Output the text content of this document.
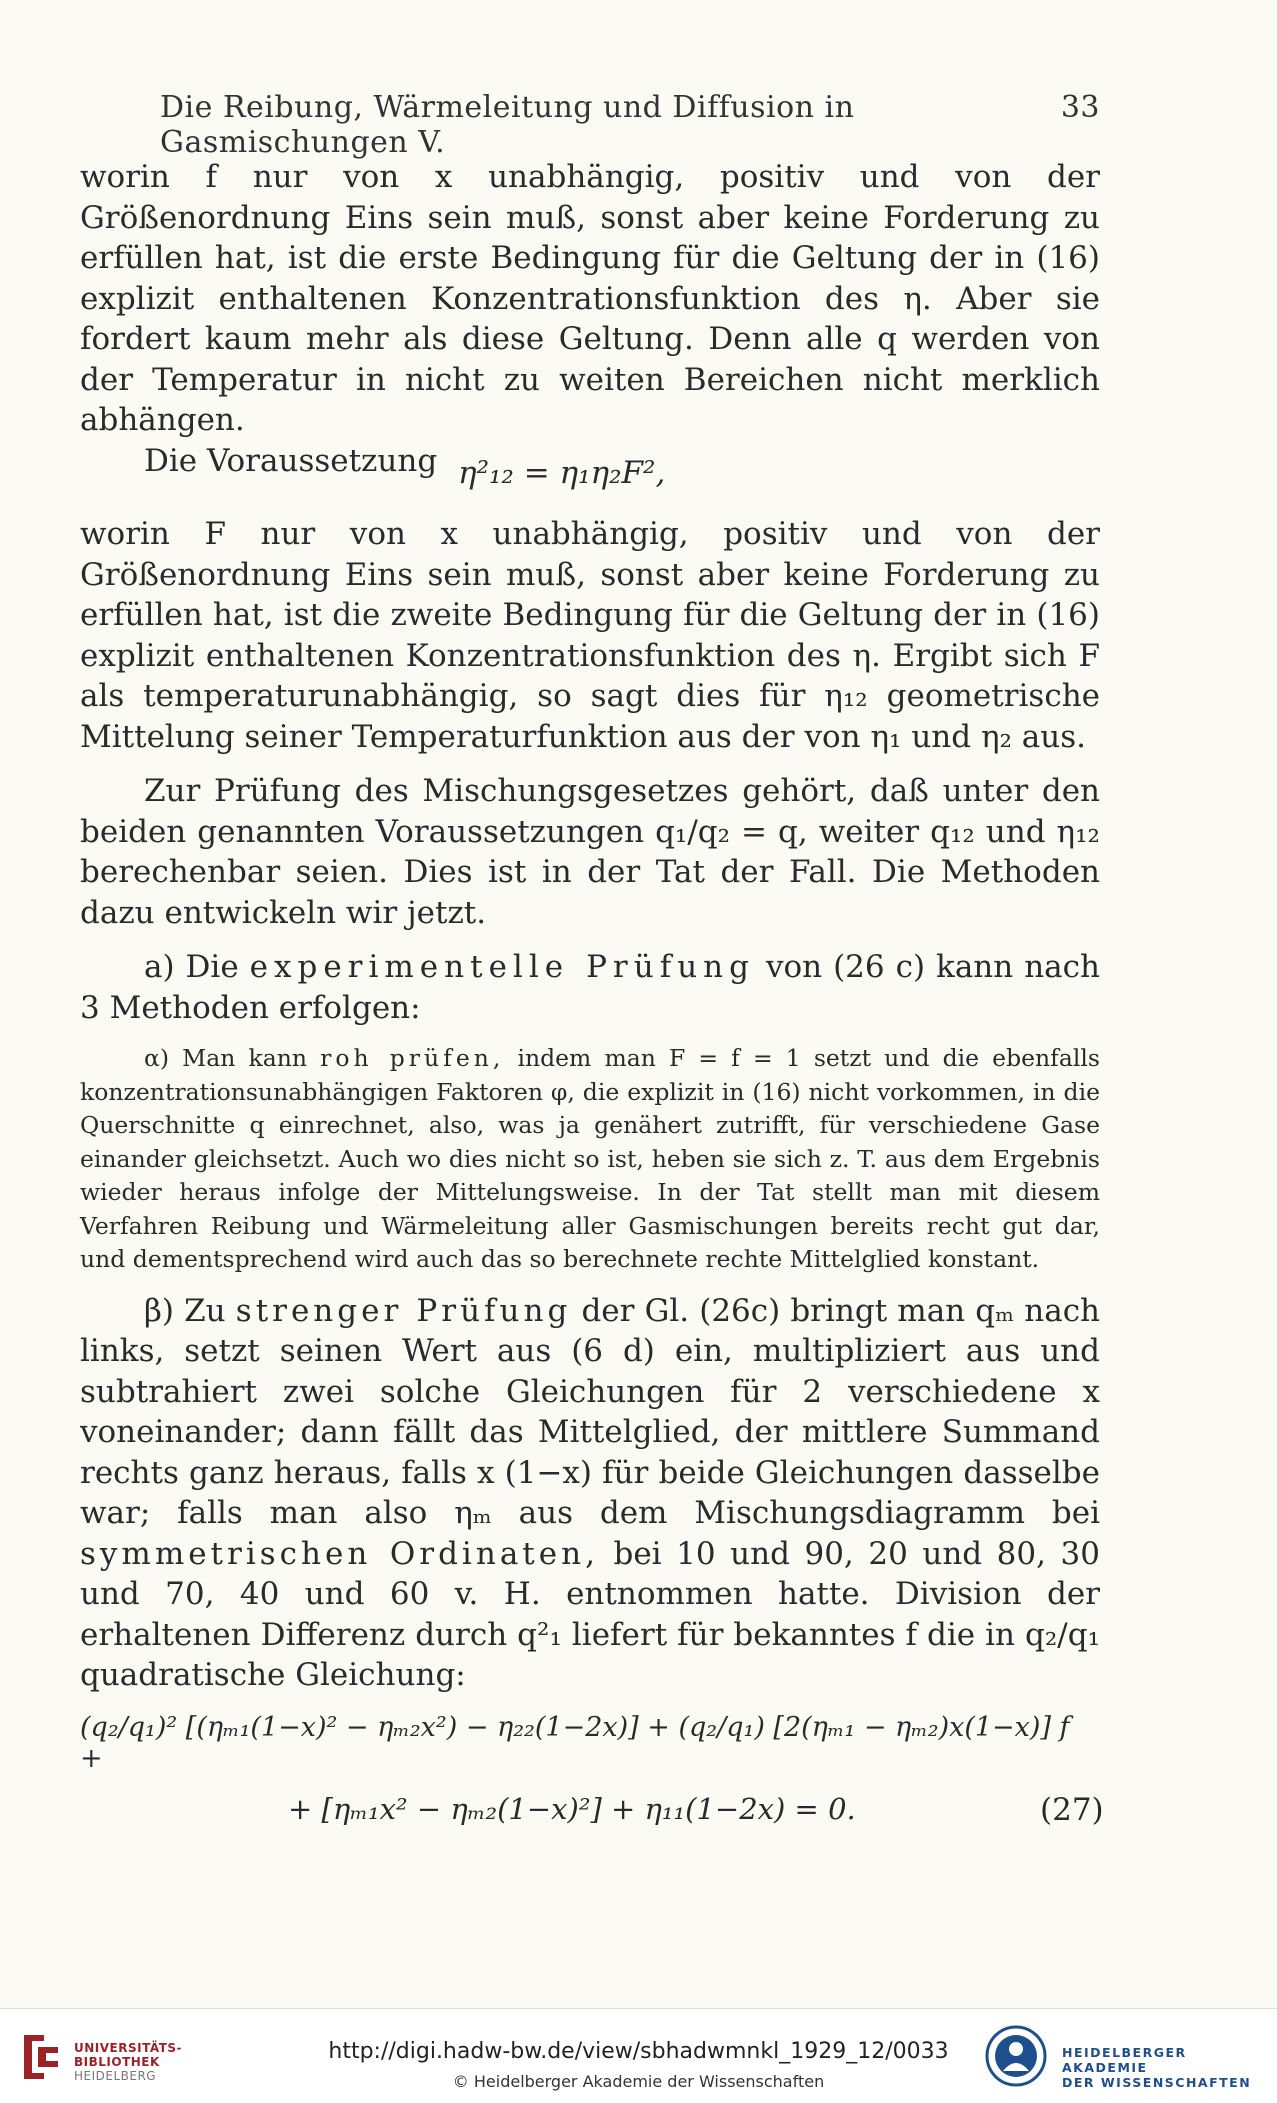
Die Reibung, Wärmeleitung und Diffusion in Gasmischungen V.
33

worin f nur von x unabhängig, positiv und von der Größenordnung Eins sein muß, sonst aber keine Forderung zu erfüllen hat, ist die erste Bedingung für die Geltung der in (16) explizit enthaltenen Konzentrationsfunktion des η. Aber sie fordert kaum mehr als diese Geltung. Denn alle q werden von der Temperatur in nicht zu weiten Bereichen nicht merklich abhängen.

Die Voraussetzung η²₁₂ = η₁η₂F²,

worin F nur von x unabhängig, positiv und von der Größenordnung Eins sein muß, sonst aber keine Forderung zu erfüllen hat, ist die zweite Bedingung für die Geltung der in (16) explizit enthaltenen Konzentrationsfunktion des η. Ergibt sich F als temperaturunabhängig, so sagt dies für η₁₂ geometrische Mittelung seiner Temperaturfunktion aus der von η₁ und η₂ aus.

Zur Prüfung des Mischungsgesetzes gehört, daß unter den beiden genannten Voraussetzungen q₁/q₂ = q, weiter q₁₂ und η₁₂ berechenbar seien. Dies ist in der Tat der Fall. Die Methoden dazu entwickeln wir jetzt.

a) Die experimentelle Prüfung von (26 c) kann nach 3 Methoden erfolgen:

α) Man kann roh prüfen, indem man F = f = 1 setzt und die ebenfalls konzentrationsunabhängigen Faktoren φ, die explizit in (16) nicht vorkommen, in die Querschnitte q einrechnet, also, was ja genähert zutrifft, für verschiedene Gase einander gleichsetzt. Auch wo dies nicht so ist, heben sie sich z. T. aus dem Ergebnis wieder heraus infolge der Mittelungsweise. In der Tat stellt man mit diesem Verfahren Reibung und Wärmeleitung aller Gasmischungen bereits recht gut dar, und dementsprechend wird auch das so berechnete rechte Mittelglied konstant.

β) Zu strenger Prüfung der Gl. (26c) bringt man qₘ nach links, setzt seinen Wert aus (6 d) ein, multipliziert aus und subtrahiert zwei solche Gleichungen für 2 verschiedene x voneinander; dann fällt das Mittelglied, der mittlere Summand rechts ganz heraus, falls x (1−x) für beide Gleichungen dasselbe war; falls man also ηₘ aus dem Mischungsdiagramm bei symmetrischen Ordinaten, bei 10 und 90, 20 und 80, 30 und 70, 40 und 60 v. H. entnommen hatte. Division der erhaltenen Differenz durch q²₁ liefert für bekanntes f die in q₂/q₁ quadratische Gleichung:

(q₂/q₁)² [(ηₘ₁(1−x)² − ηₘ₂x²) − η₂₂(1−2x)] + (q₂/q₁) [2(ηₘ₁ − ηₘ₂)x(1−x)] f +
+ [ηₘ₁x² − ηₘ₂(1−x)²] + η₁₁(1−2x) = 0.	(27)
UNIVERSITÄTS-
BIBLIOTHEK
HEIDELBERG
http://digi.hadw-bw.de/view/sbhadwmnkl_1929_12/0033
© Heidelberger Akademie der Wissenschaften
HEIDELBERGER AKADEMIE
DER WISSENSCHAFTEN
